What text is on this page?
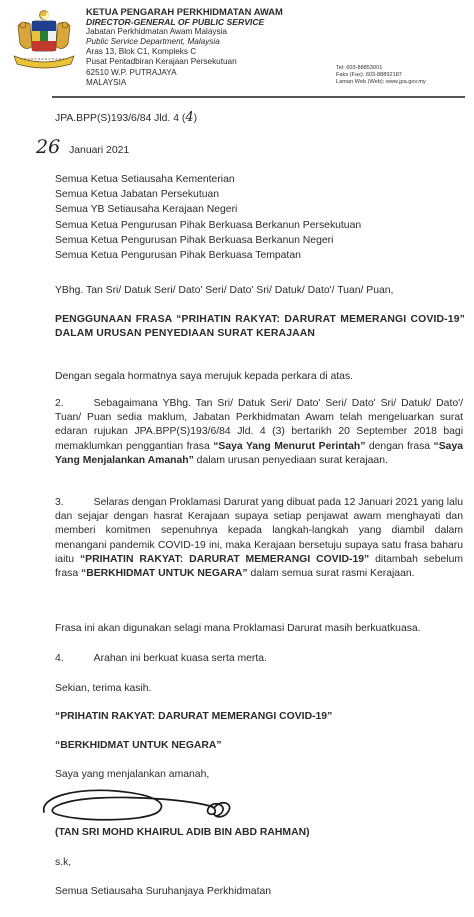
KETUA PENGARAH PERKHIDMATAN AWAM
DIRECTOR-GENERAL OF PUBLIC SERVICE
Jabatan Perkhidmatan Awam Malaysia
Public Service Department, Malaysia
Aras 13, Blok C1, Kompleks C
Pusat Pentadbiran Kerajaan Persekutuan
62510 W.P. PUTRAJAYA
MALAYSIA
Tel: 603-88853001
Faks (Fax): 603-88892187
Laman Web (Web): www.jpa.gov.my
JPA.BPP(S)193/6/84 Jld. 4 (4)
26 Januari 2021
Semua Ketua Setiausaha Kementerian
Semua Ketua Jabatan Persekutuan
Semua YB Setiausaha Kerajaan Negeri
Semua Ketua Pengurusan Pihak Berkuasa Berkanun Persekutuan
Semua Ketua Pengurusan Pihak Berkuasa Berkanun Negeri
Semua Ketua Pengurusan Pihak Berkuasa Tempatan
YBhg. Tan Sri/ Datuk Seri/ Dato' Seri/ Dato' Sri/ Datuk/ Dato'/ Tuan/ Puan,
PENGGUNAAN FRASA “PRIHATIN RAKYAT: DARURAT MEMERANGI COVID-19” DALAM URUSAN PENYEDIAAN SURAT KERAJAAN
Dengan segala hormatnya saya merujuk kepada perkara di atas.
2.	Sebagaimana YBhg. Tan Sri/ Datuk Seri/ Dato' Seri/ Dato' Sri/ Datuk/ Dato'/ Tuan/ Puan sedia maklum, Jabatan Perkhidmatan Awam telah mengeluarkan surat edaran rujukan JPA.BPP(S)193/6/84 Jld. 4 (3) bertarikh 20 September 2018 bagi memaklumkan penggantian frasa “Saya Yang Menurut Perintah” dengan frasa “Saya Yang Menjalankan Amanah” dalam urusan penyediaan surat kerajaan.
3.	Selaras dengan Proklamasi Darurat yang dibuat pada 12 Januari 2021 yang lalu dan sejajar dengan hasrat Kerajaan supaya setiap penjawat awam menghayati dan memberi komitmen sepenuhnya kepada langkah-langkah yang diambil dalam menangani pandemik COVID-19 ini, maka Kerajaan bersetuju supaya satu frasa baharu iaitu “PRIHATIN RAKYAT: DARURAT MEMERANGI COVID-19” ditambah sebelum frasa “BERKHIDMAT UNTUK NEGARA” dalam semua surat rasmi Kerajaan.
Frasa ini akan digunakan selagi mana Proklamasi Darurat masih berkuatkuasa.
4.	Arahan ini berkuat kuasa serta merta.
Sekian, terima kasih.
“PRIHATIN RAKYAT: DARURAT MEMERANGI COVID-19”
“BERKHIDMAT UNTUK NEGARA”
Saya yang menjalankan amanah,
(TAN SRI MOHD KHAIRUL ADIB BIN ABD RAHMAN)
s.k,
Semua Setiausaha Suruhanjaya Perkhidmatan
